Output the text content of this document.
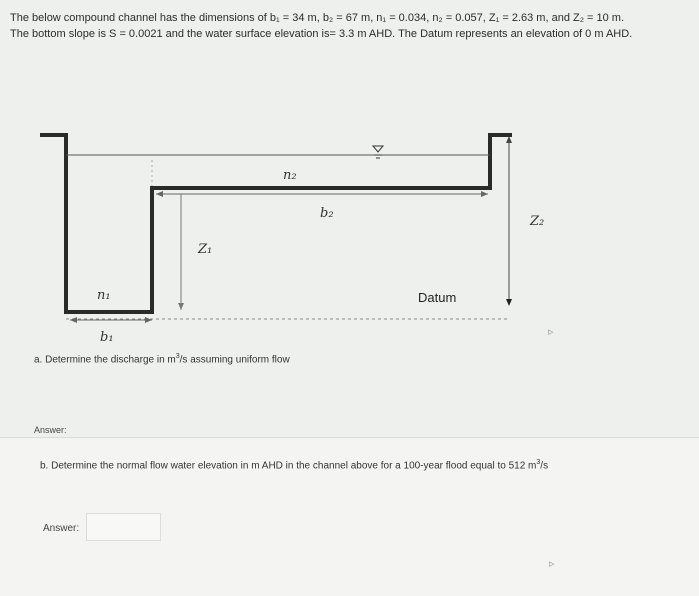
The below compound channel has the dimensions of b₁ = 34 m, b₂ = 67 m, n₁ = 0.034, n₂ = 0.057, Z₁ = 2.63 m, and Z₂ = 10 m.
The bottom slope is S = 0.0021 and the water surface elevation is= 3.3 m AHD. The Datum represents an elevation of 0 m AHD.
n₁
n₂
b₁
b₂
Z₁
Z₂
Datum
▹
a. Determine the discharge in $m^3/s$ assuming uniform flow
Answer:
b. Determine the normal flow water elevation in m AHD in the channel above for a 100-year flood equal to 512 $m^3/s$
Answer:
▹
